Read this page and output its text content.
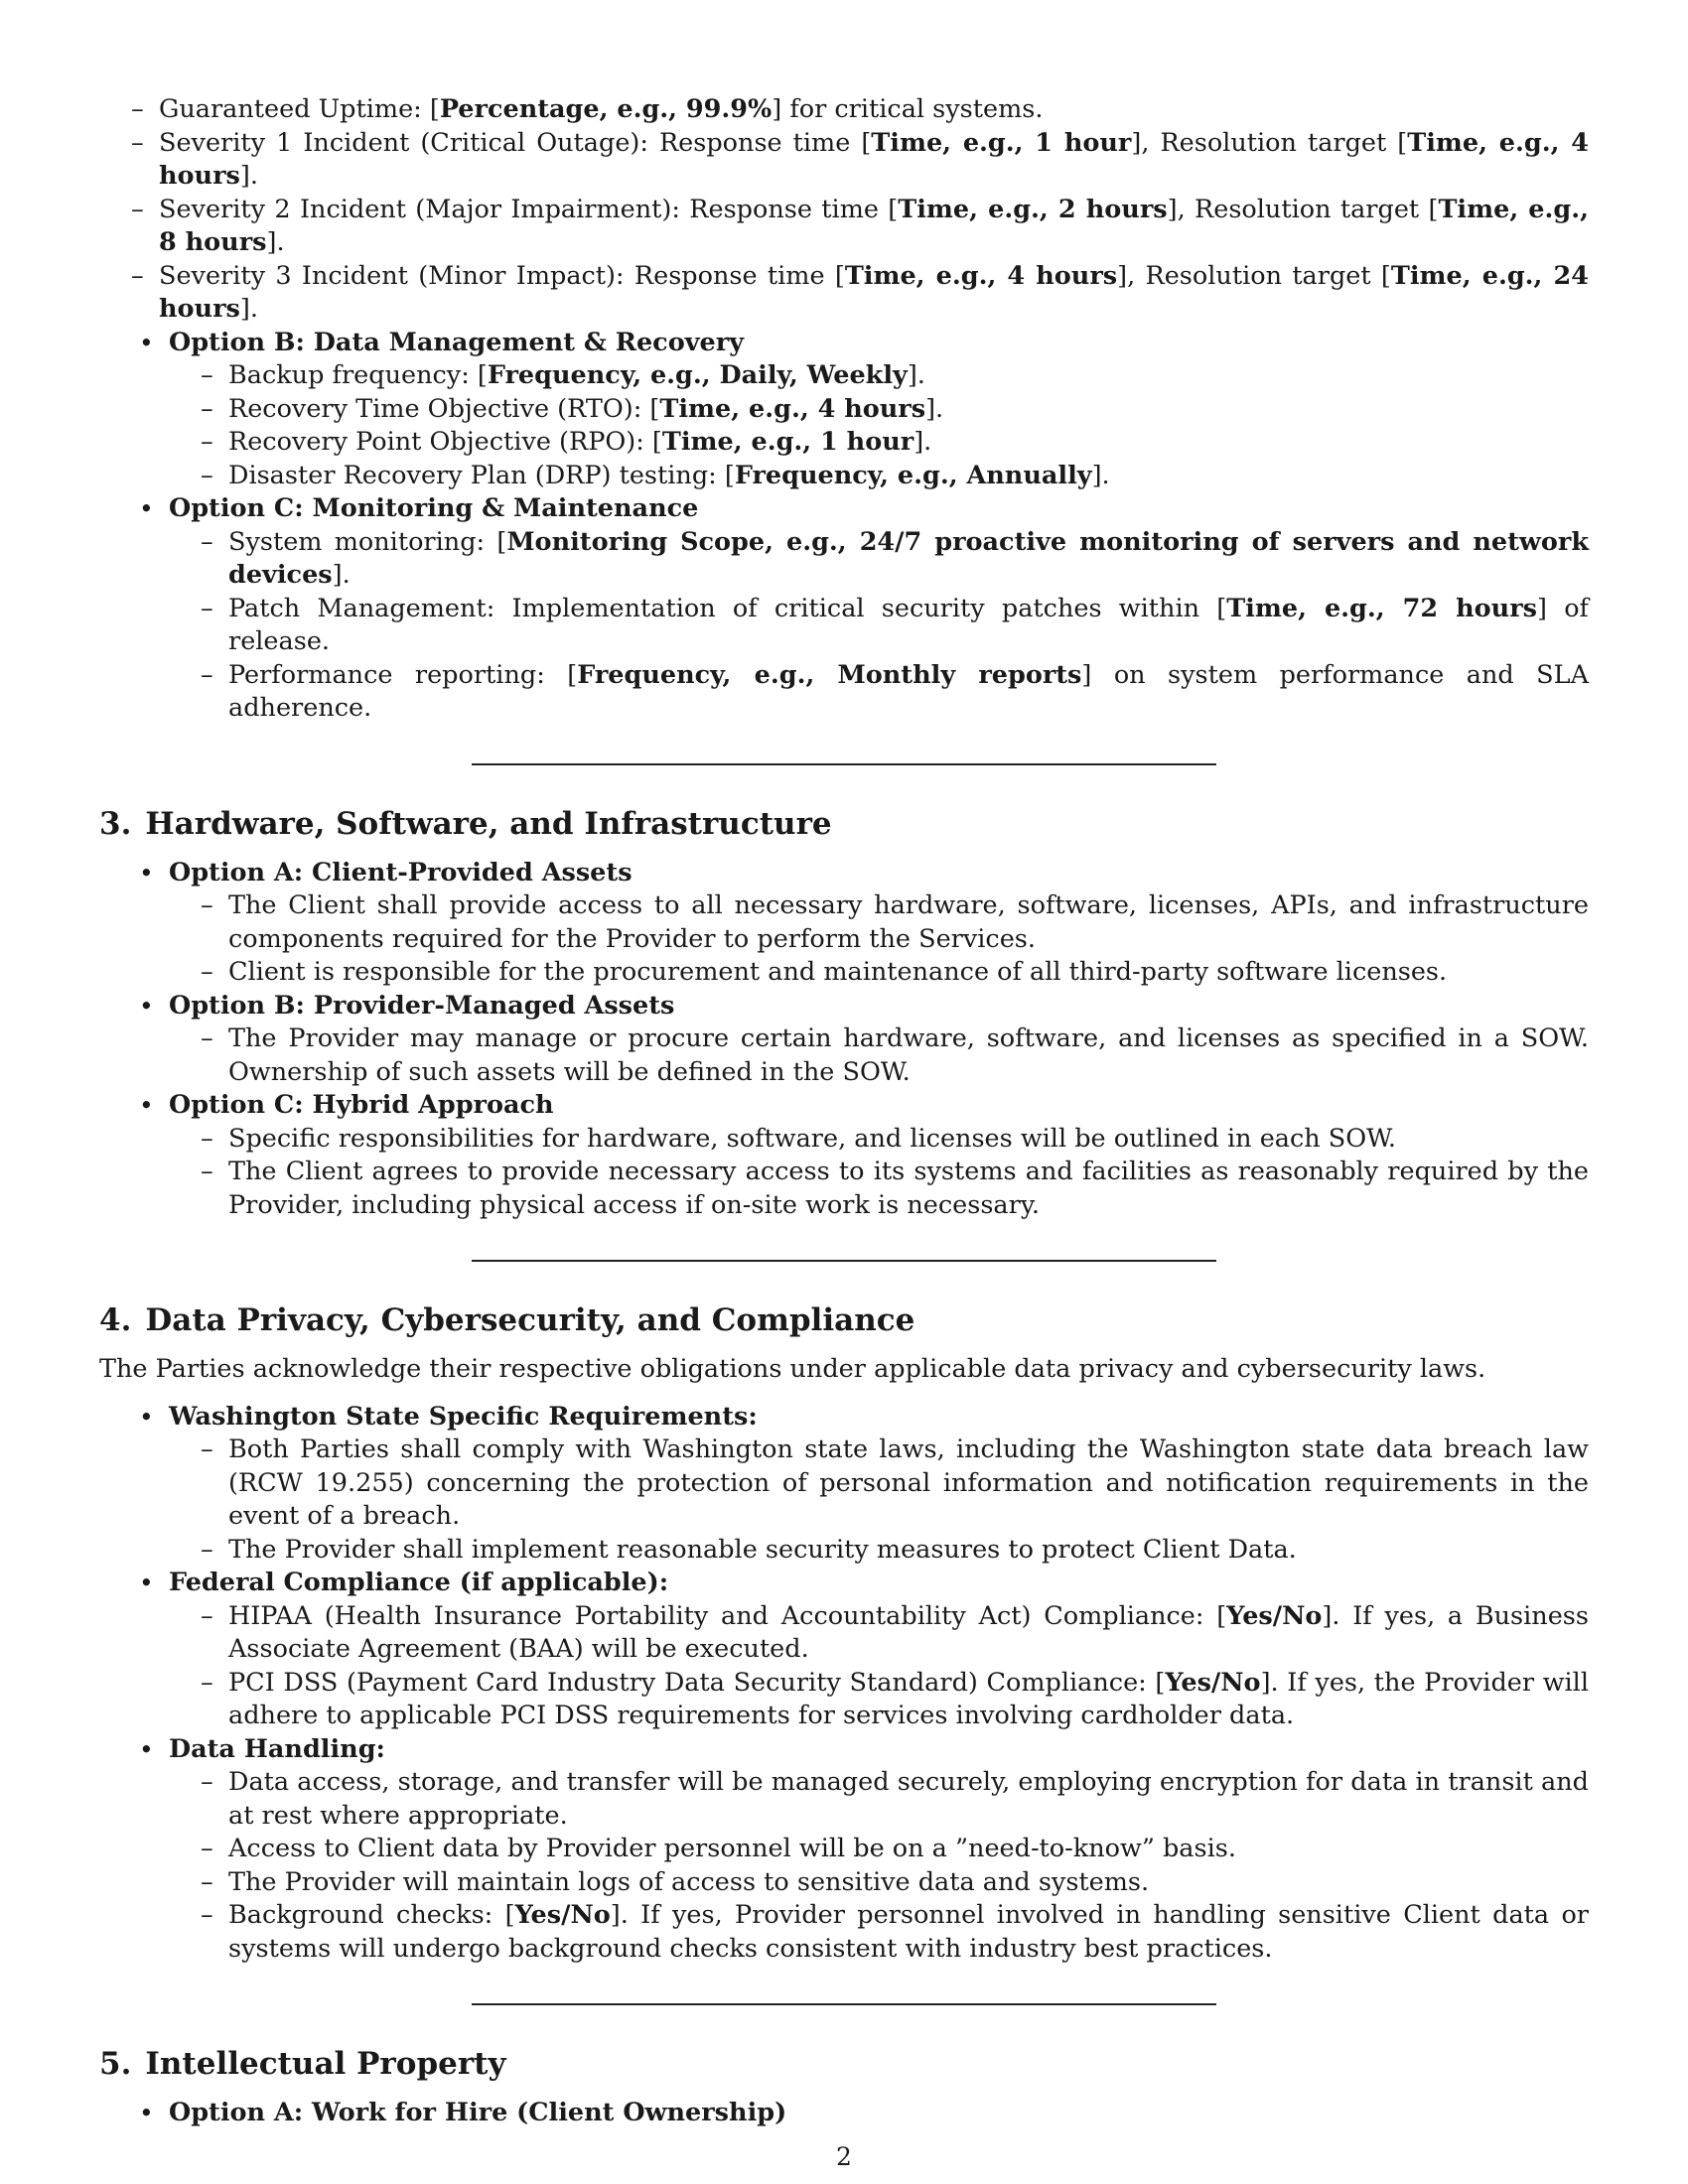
– Guaranteed Uptime: [Percentage, e.g., 99.9%] for critical systems.
– Severity 1 Incident (Critical Outage): Response time [Time, e.g., 1 hour], Resolution target [Time, e.g., 4 hours].
– Severity 2 Incident (Major Impairment): Response time [Time, e.g., 2 hours], Resolution target [Time, e.g., 8 hours].
– Severity 3 Incident (Minor Impact): Response time [Time, e.g., 4 hours], Resolution target [Time, e.g., 24 hours].
• Option B: Data Management & Recovery
– Backup frequency: [Frequency, e.g., Daily, Weekly].
– Recovery Time Objective (RTO): [Time, e.g., 4 hours].
– Recovery Point Objective (RPO): [Time, e.g., 1 hour].
– Disaster Recovery Plan (DRP) testing: [Frequency, e.g., Annually].
• Option C: Monitoring & Maintenance
– System monitoring: [Monitoring Scope, e.g., 24/7 proactive monitoring of servers and network devices].
– Patch Management: Implementation of critical security patches within [Time, e.g., 72 hours] of release.
– Performance reporting: [Frequency, e.g., Monthly reports] on system performance and SLA adherence.
3. Hardware, Software, and Infrastructure
• Option A: Client-Provided Assets
– The Client shall provide access to all necessary hardware, software, licenses, APIs, and infrastructure components required for the Provider to perform the Services.
– Client is responsible for the procurement and maintenance of all third-party software licenses.
• Option B: Provider-Managed Assets
– The Provider may manage or procure certain hardware, software, and licenses as specified in a SOW. Ownership of such assets will be defined in the SOW.
• Option C: Hybrid Approach
– Specific responsibilities for hardware, software, and licenses will be outlined in each SOW.
– The Client agrees to provide necessary access to its systems and facilities as reasonably required by the Provider, including physical access if on-site work is necessary.
4. Data Privacy, Cybersecurity, and Compliance

The Parties acknowledge their respective obligations under applicable data privacy and cybersecurity laws.

• Washington State Specific Requirements:
– Both Parties shall comply with Washington state laws, including the Washington state data breach law (RCW 19.255) concerning the protection of personal information and notification requirements in the event of a breach.
– The Provider shall implement reasonable security measures to protect Client Data.
• Federal Compliance (if applicable):
– HIPAA (Health Insurance Portability and Accountability Act) Compliance: [Yes/No]. If yes, a Business Associate Agreement (BAA) will be executed.
– PCI DSS (Payment Card Industry Data Security Standard) Compliance: [Yes/No]. If yes, the Provider will adhere to applicable PCI DSS requirements for services involving cardholder data.
• Data Handling:
– Data access, storage, and transfer will be managed securely, employing encryption for data in transit and at rest where appropriate.
– Access to Client data by Provider personnel will be on a ”need-to-know” basis.
– The Provider will maintain logs of access to sensitive data and systems.
– Background checks: [Yes/No]. If yes, Provider personnel involved in handling sensitive Client data or systems will undergo background checks consistent with industry best practices.
5. Intellectual Property
• Option A: Work for Hire (Client Ownership)
2
